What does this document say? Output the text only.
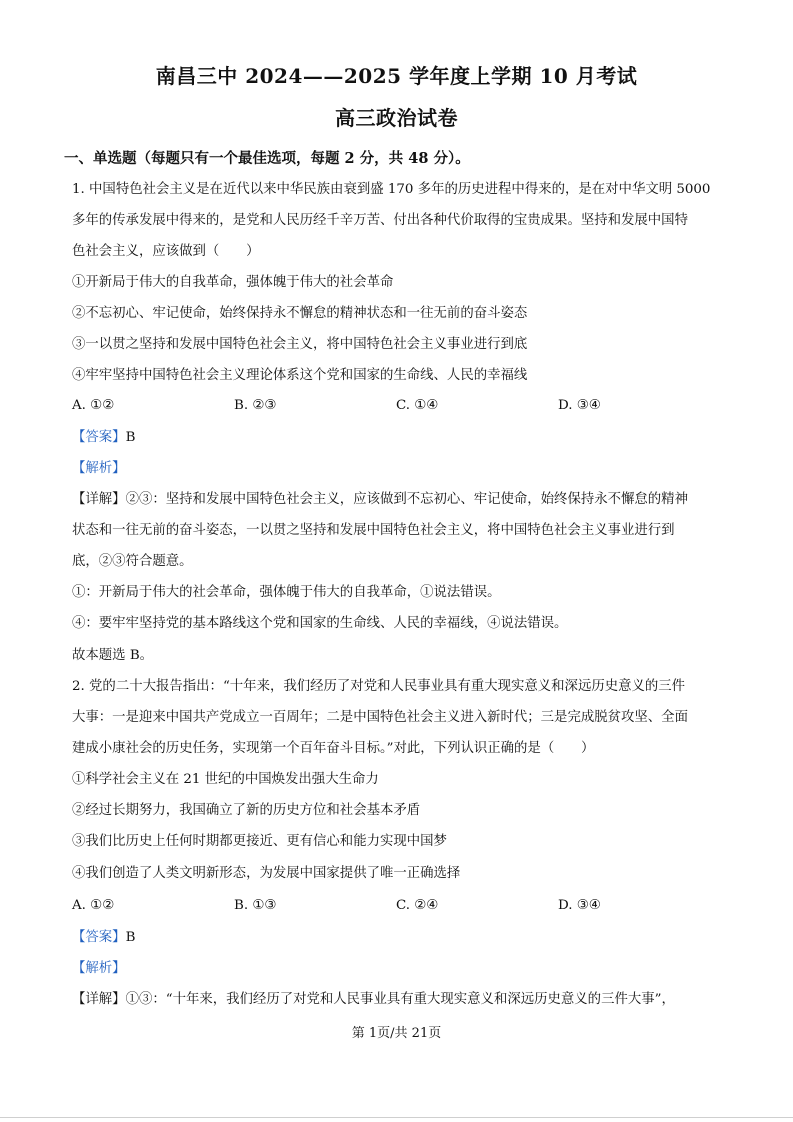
南昌三中 2024——2025 学年度上学期 10 月考试
高三政治试卷
一、单选题（每题只有一个最佳选项，每题 2 分，共 48 分）。
1. 中国特色社会主义是在近代以来中华民族由衰到盛 170 多年的历史进程中得来的，是在对中华文明 5000
多年的传承发展中得来的，是党和人民历经千辛万苦、付出各种代价取得的宝贵成果。坚持和发展中国特
色社会主义，应该做到（　　）
①开新局于伟大的自我革命，强体魄于伟大的社会革命
②不忘初心、牢记使命，始终保持永不懈怠的精神状态和一往无前的奋斗姿态
③一以贯之坚持和发展中国特色社会主义，将中国特色社会主义事业进行到底
④牢牢坚持中国特色社会主义理论体系这个党和国家的生命线、人民的幸福线
A. ①②	B. ②③	C. ①④	D. ③④
【答案】B
【解析】
【详解】②③：坚持和发展中国特色社会主义，应该做到不忘初心、牢记使命，始终保持永不懈怠的精神
状态和一往无前的奋斗姿态，一以贯之坚持和发展中国特色社会主义，将中国特色社会主义事业进行到
底，②③符合题意。
①：开新局于伟大的社会革命，强体魄于伟大的自我革命，①说法错误。
④：要牢牢坚持党的基本路线这个党和国家的生命线、人民的幸福线，④说法错误。
故本题选 B。
2. 党的二十大报告指出：“十年来，我们经历了对党和人民事业具有重大现实意义和深远历史意义的三件
大事：一是迎来中国共产党成立一百周年；二是中国特色社会主义进入新时代；三是完成脱贫攻坚、全面
建成小康社会的历史任务，实现第一个百年奋斗目标。”对此，下列认识正确的是（　　）
①科学社会主义在 21 世纪的中国焕发出强大生命力
②经过长期努力，我国确立了新的历史方位和社会基本矛盾
③我们比历史上任何时期都更接近、更有信心和能力实现中国梦
④我们创造了人类文明新形态，为发展中国家提供了唯一正确选择
A. ①②	B. ①③	C. ②④	D. ③④
【答案】B
【解析】
【详解】①③：“十年来，我们经历了对党和人民事业具有重大现实意义和深远历史意义的三件大事”，
第 1页/共 21页
